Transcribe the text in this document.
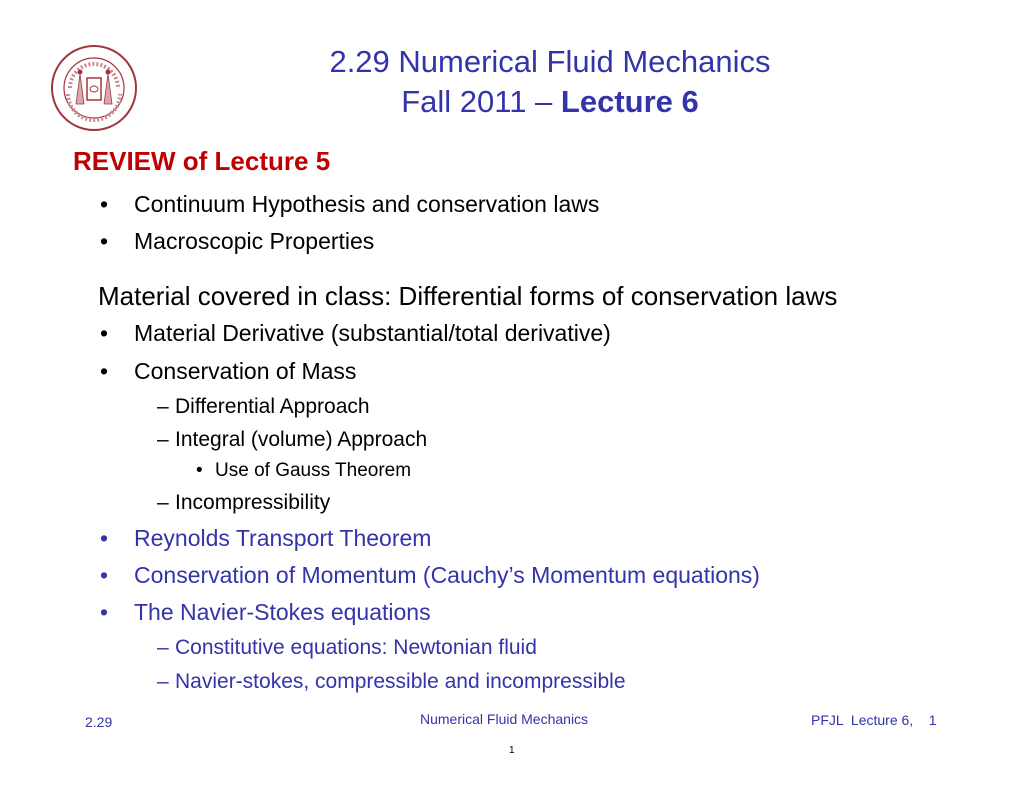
2.29 Numerical Fluid Mechanics
Fall 2011 – Lecture 6
REVIEW of Lecture 5
• Continuum Hypothesis and conservation laws
• Macroscopic Properties
Material covered in class: Differential forms of conservation laws
• Material Derivative (substantial/total derivative)
• Conservation of Mass
– Differential Approach
– Integral (volume) Approach
• Use of Gauss Theorem
– Incompressibility
• Reynolds Transport Theorem
• Conservation of Momentum (Cauchy’s Momentum equations)
• The Navier-Stokes equations
– Constitutive equations: Newtonian fluid
– Navier-stokes, compressible and incompressible
2.29	Numerical Fluid Mechanics	PFJL  Lecture 6,    1
1
